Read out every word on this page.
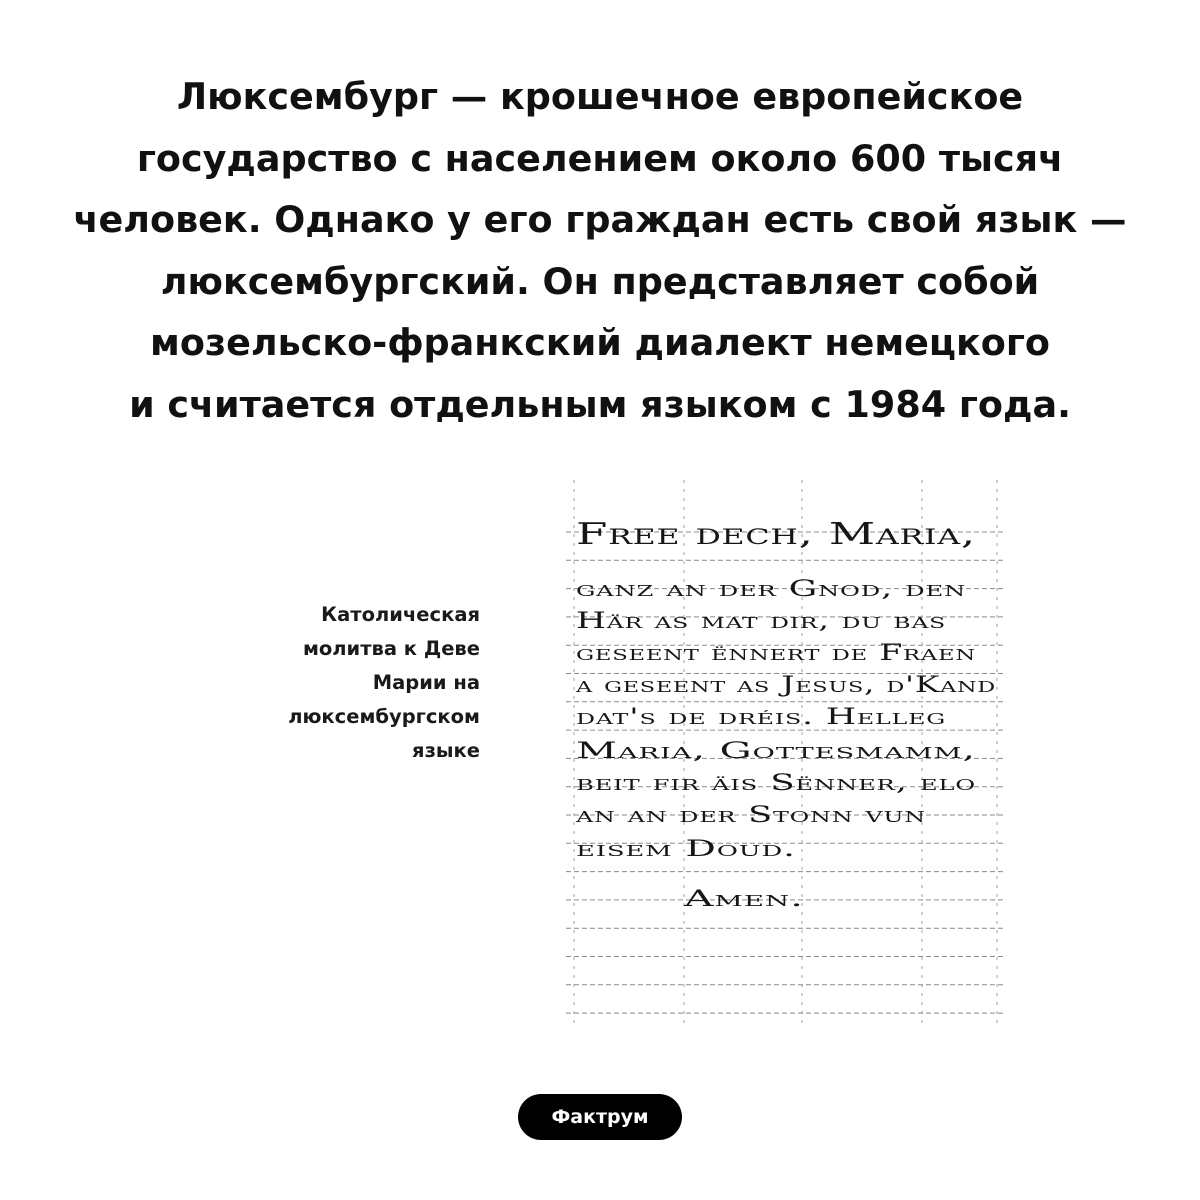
Люксембург — крошечное европейское
государство с населением около 600 тысяч
человек. Однако у его граждан есть свой язык —
люксембургский. Он представляет собой
мозельско-франкский диалект немецкого
и считается отдельным языком с 1984 года.
Католическая
молитва к Деве
Марии на
люксембургском
языке
Free dech, Maria,
ganz an der Gnod, den
Här as mat dir, du bas
geseent ënnert de Fraen
a geseent as Jesus, d'Kand
dat's de dréis. Helleg
Maria, Gottesmamm,
beit fir äis Sënner, elo
an an der Stonn vun
eisem Doud.
Amen.
Фактрум
